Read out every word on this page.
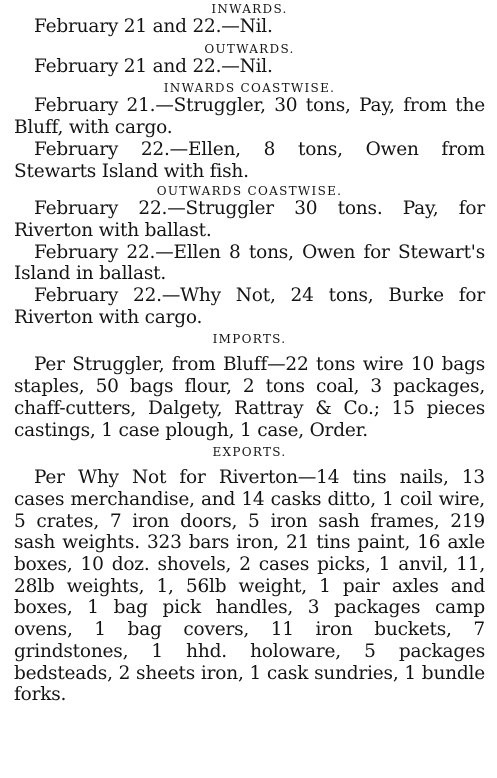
INWARDS.

February 21 and 22.—Nil.

OUTWARDS.

February 21 and 22.—Nil.

INWARDS COASTWISE.

February 21.—Struggler, 30 tons, Pay, from the Bluff, with cargo.

February 22.—Ellen, 8 tons, Owen from Stewarts Island with fish.

OUTWARDS COASTWISE.

February 22.—Struggler 30 tons. Pay, for Riverton with ballast.

February 22.—Ellen 8 tons, Owen for Stewart's Island in ballast.

February 22.—Why Not, 24 tons, Burke for Riverton with cargo.

IMPORTS.

Per Struggler, from Bluff—22 tons wire 10 bags staples, 50 bags flour, 2 tons coal, 3 packages, chaff-cutters, Dalgety, Rattray & Co.; 15 pieces castings, 1 case plough, 1 case, Order.

EXPORTS.

Per Why Not for Riverton—14 tins nails, 13 cases merchandise, and 14 casks ditto, 1 coil wire, 5 crates, 7 iron doors, 5 iron sash frames, 219 sash weights. 323 bars iron, 21 tins paint, 16 axle boxes, 10 doz. shovels, 2 cases picks, 1 anvil, 11, 28lb weights, 1, 56lb weight, 1 pair axles and boxes, 1 bag pick handles, 3 packages camp ovens, 1 bag covers, 11 iron buckets, 7 grindstones, 1 hhd. holoware, 5 packages bedsteads, 2 sheets iron, 1 cask sundries, 1 bundle forks.
